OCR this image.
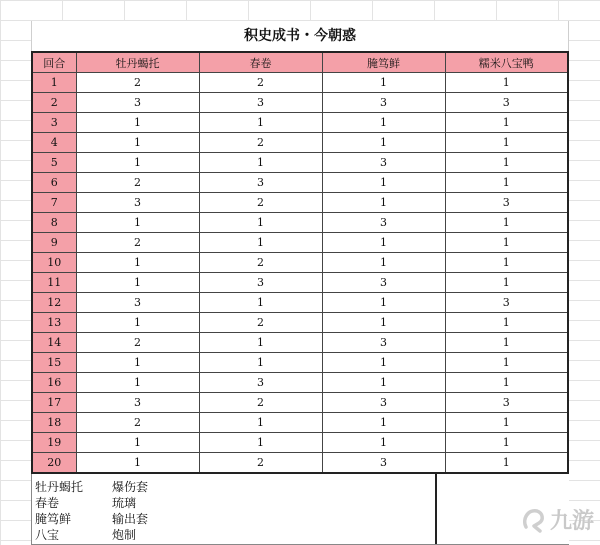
积史成书・今朝惑
回合	牡丹蝎托	春卷	腌笃鲜	糯米八宝鸭
1	2	2	1	1
2	3	3	3	3
3	1	1	1	1
4	1	2	1	1
5	1	1	3	1
6	2	3	1	1
7	3	2	1	3
8	1	1	3	1
9	2	1	1	1
10	1	2	1	1
11	1	3	3	1
12	3	1	1	3
13	1	2	1	1
14	2	1	3	1
15	1	1	1	1
16	1	3	1	1
17	3	2	3	3
18	2	1	1	1
19	1	1	1	1
20	1	2	3	1
牡丹蝎托	爆伤套
春卷	琉璃
腌笃鲜	输出套
八宝	炮制
九游
